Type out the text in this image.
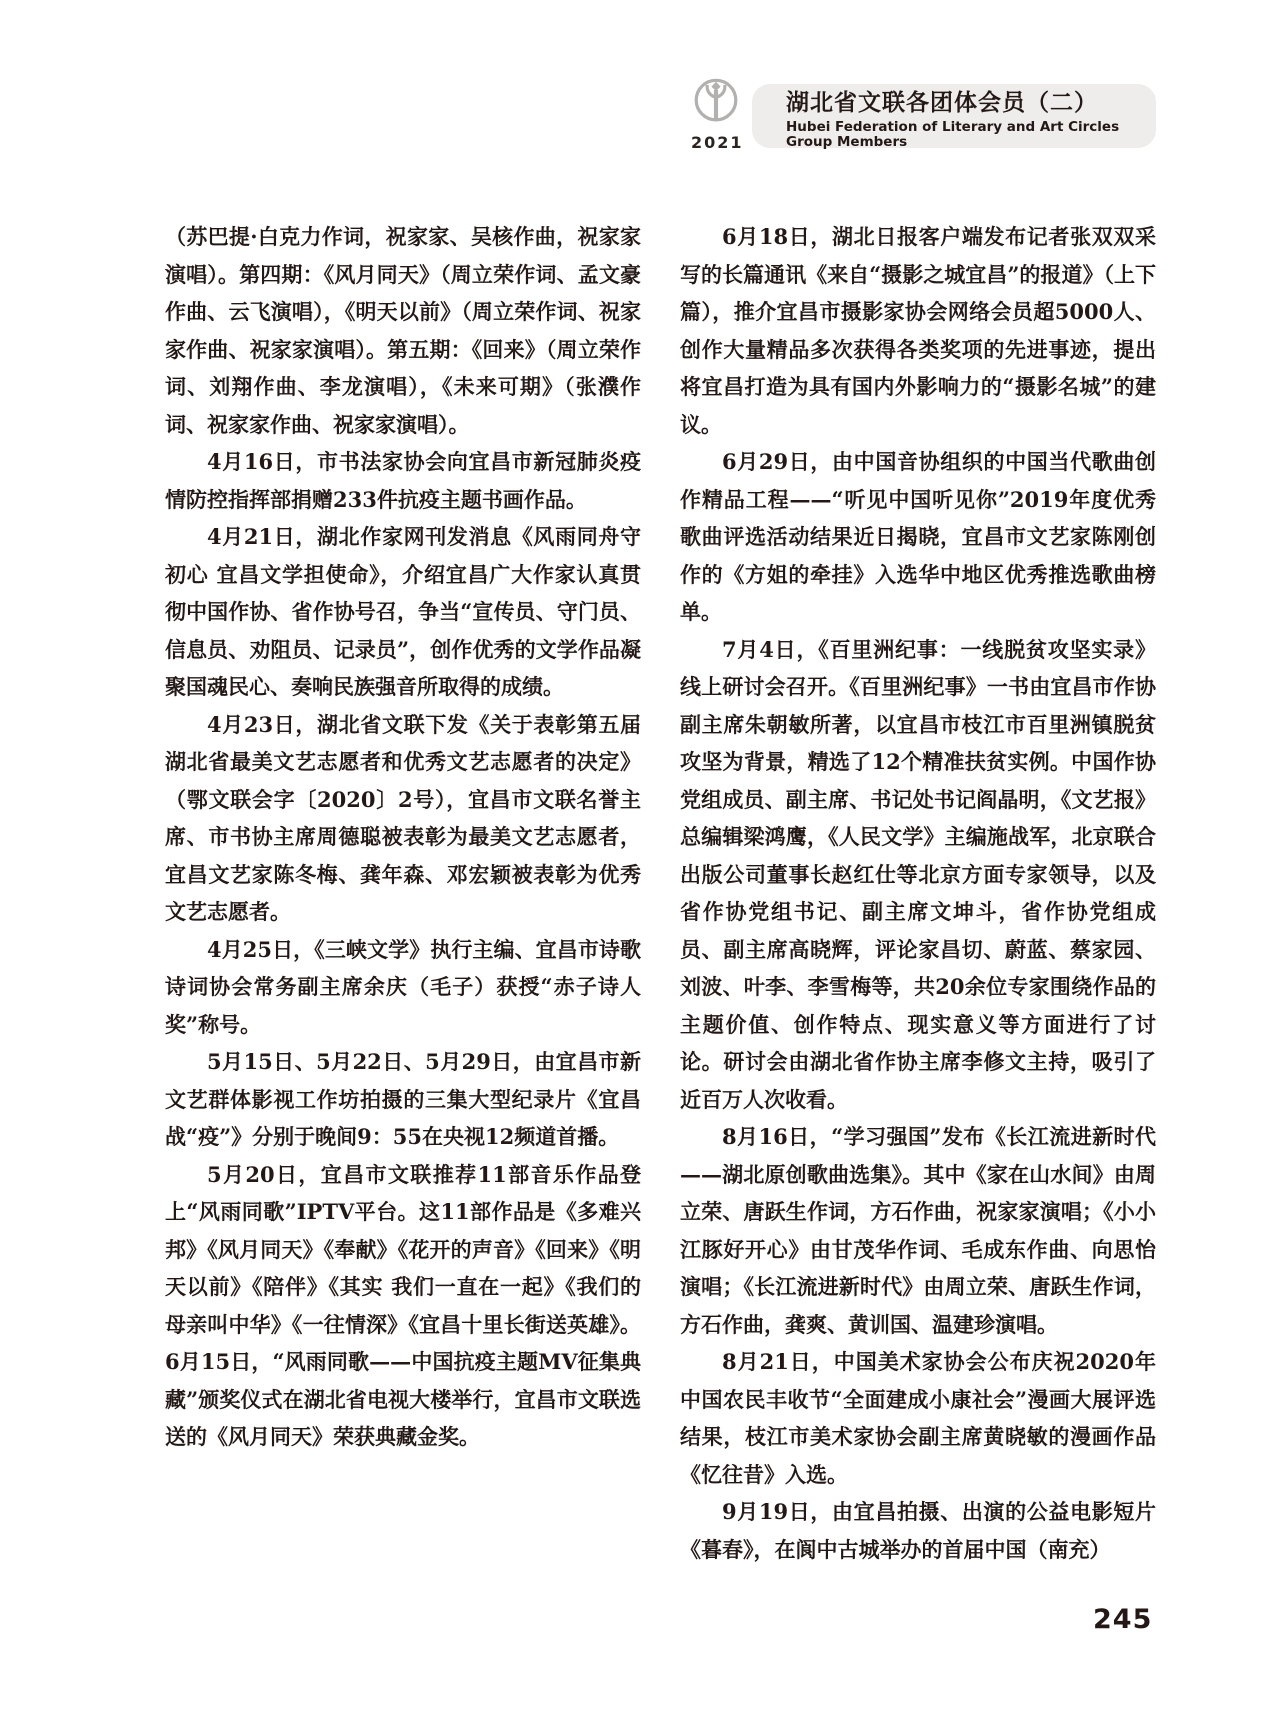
2021
湖北省文联各团体会员（二）
Hubei Federation of Literary and Art Circles Group Members

（苏巴提·白克力作词，祝家家、吴核作曲，祝家家演唱）。第四期：《风月同天》（周立荣作词、孟文豪作曲、云飞演唱），《明天以前》（周立荣作词、祝家家作曲、祝家家演唱）。第五期：《回来》（周立荣作词、刘翔作曲、李龙演唱），《未来可期》（张濮作词、祝家家作曲、祝家家演唱）。

4月16日，市书法家协会向宜昌市新冠肺炎疫情防控指挥部捐赠233件抗疫主题书画作品。

4月21日，湖北作家网刊发消息《风雨同舟守初心 宜昌文学担使命》，介绍宜昌广大作家认真贯彻中国作协、省作协号召，争当“宣传员、守门员、信息员、劝阻员、记录员”，创作优秀的文学作品凝聚国魂民心、奏响民族强音所取得的成绩。

4月23日，湖北省文联下发《关于表彰第五届湖北省最美文艺志愿者和优秀文艺志愿者的决定》（鄂文联会字〔2020〕2号），宜昌市文联名誉主席、市书协主席周德聪被表彰为最美文艺志愿者，宜昌文艺家陈冬梅、龚年森、邓宏颖被表彰为优秀文艺志愿者。

4月25日，《三峡文学》执行主编、宜昌市诗歌诗词协会常务副主席余庆（毛子）获授“赤子诗人奖”称号。

5月15日、5月22日、5月29日，由宜昌市新文艺群体影视工作坊拍摄的三集大型纪录片《宜昌战“疫”》分别于晚间9：55在央视12频道首播。

5月20日，宜昌市文联推荐11部音乐作品登上“风雨同歌”IPTV平台。这11部作品是《多难兴邦》《风月同天》《奉献》《花开的声音》《回来》《明天以前》《陪伴》《其实 我们一直在一起》《我们的母亲叫中华》《一往情深》《宜昌十里长街送英雄》。6月15日，“风雨同歌——中国抗疫主题MV征集典藏”颁奖仪式在湖北省电视大楼举行，宜昌市文联选送的《风月同天》荣获典藏金奖。

6月18日，湖北日报客户端发布记者张双双采写的长篇通讯《来自“摄影之城宜昌”的报道》（上下篇），推介宜昌市摄影家协会网络会员超5000人、创作大量精品多次获得各类奖项的先进事迹，提出将宜昌打造为具有国内外影响力的“摄影名城”的建议。

6月29日，由中国音协组织的中国当代歌曲创作精品工程——“听见中国听见你”2019年度优秀歌曲评选活动结果近日揭晓，宜昌市文艺家陈刚创作的《方姐的牵挂》入选华中地区优秀推选歌曲榜单。

7月4日，《百里洲纪事：一线脱贫攻坚实录》线上研讨会召开。《百里洲纪事》一书由宜昌市作协副主席朱朝敏所著，以宜昌市枝江市百里洲镇脱贫攻坚为背景，精选了12个精准扶贫实例。中国作协党组成员、副主席、书记处书记阎晶明，《文艺报》总编辑梁鸿鹰，《人民文学》主编施战军，北京联合出版公司董事长赵红仕等北京方面专家领导，以及省作协党组书记、副主席文坤斗，省作协党组成员、副主席高晓辉，评论家昌切、蔚蓝、蔡家园、刘波、叶李、李雪梅等，共20余位专家围绕作品的主题价值、创作特点、现实意义等方面进行了讨论。研讨会由湖北省作协主席李修文主持，吸引了近百万人次收看。

8月16日，“学习强国”发布《长江流进新时代——湖北原创歌曲选集》。其中《家在山水间》由周立荣、唐跃生作词，方石作曲，祝家家演唱；《小小江豚好开心》由甘茂华作词、毛成东作曲、向思怡演唱；《长江流进新时代》由周立荣、唐跃生作词，方石作曲，龚爽、黄训国、温建珍演唱。

8月21日，中国美术家协会公布庆祝2020年中国农民丰收节“全面建成小康社会”漫画大展评选结果，枝江市美术家协会副主席黄晓敏的漫画作品《忆往昔》入选。

9月19日，由宜昌拍摄、出演的公益电影短片《暮春》，在阆中古城举办的首届中国（南充）

245
